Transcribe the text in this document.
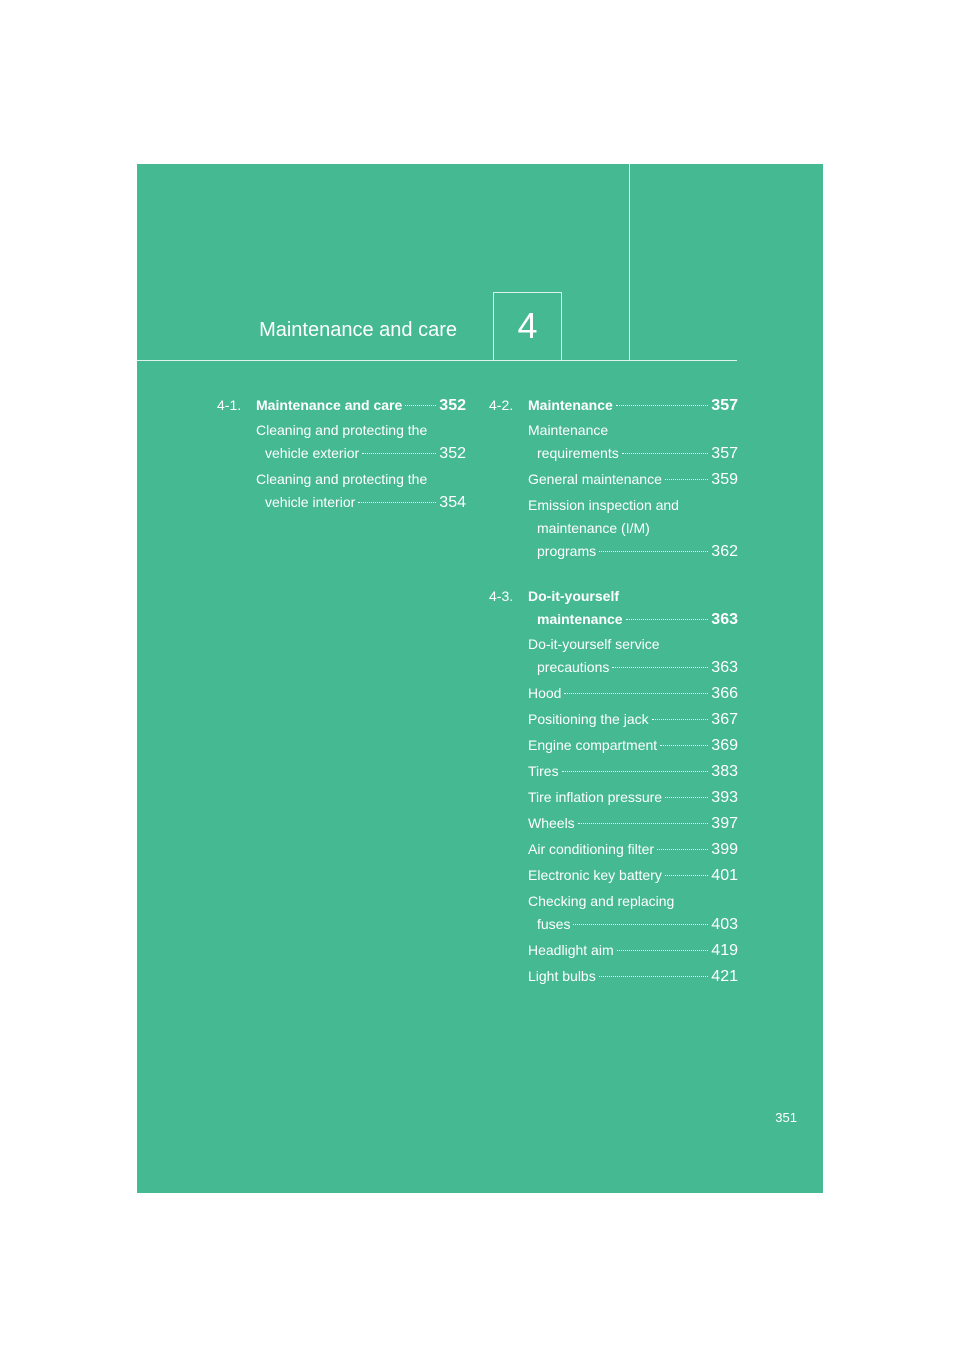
Maintenance and care	4
4-1. Maintenance and care 352
Cleaning and protecting the
vehicle exterior	352
Cleaning and protecting the
vehicle interior	354
4-2. Maintenance	357
Maintenance
requirements	357
General maintenance	359
Emission inspection and
maintenance (I/M)
programs	362
4-3. Do-it-yourself
maintenance	363
Do-it-yourself service
precautions	363
Hood	366
Positioning the jack	367
Engine compartment	369
Tires	383
Tire inflation pressure	393
Wheels	397
Air conditioning filter	399
Electronic key battery	401
Checking and replacing
fuses	403
Headlight aim	419
Light bulbs	421
351
